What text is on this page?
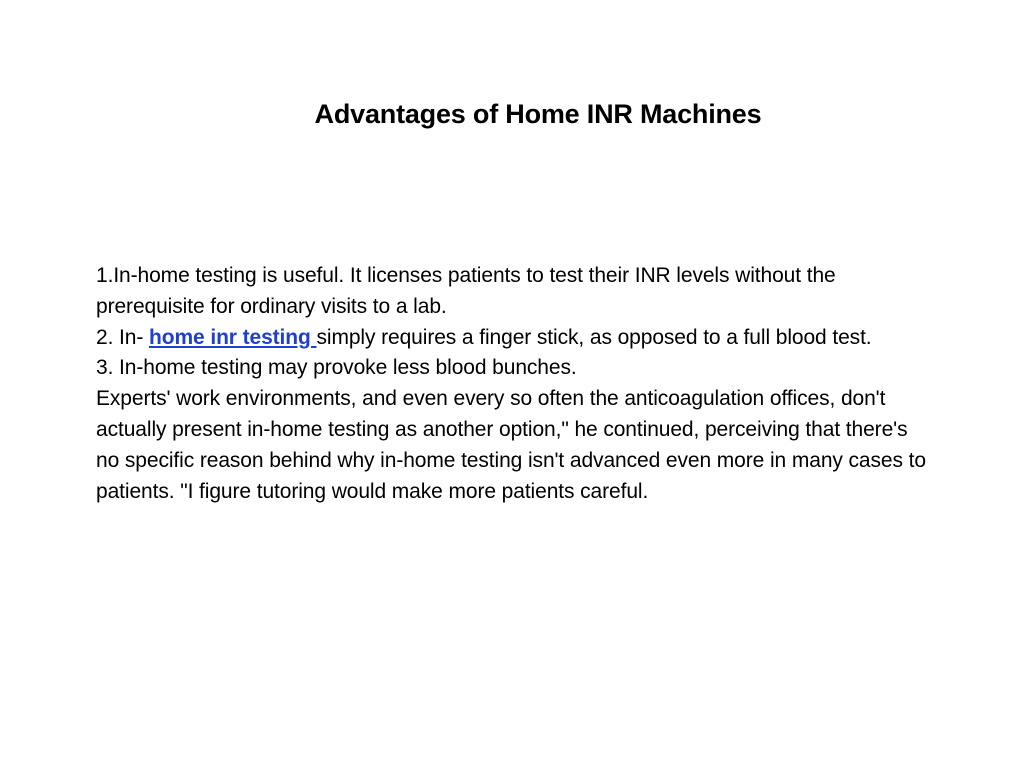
Advantages of Home INR Machines

1.In-home testing is useful. It licenses patients to test their INR levels without the prerequisite for ordinary visits to a lab.

2. In- home inr testing simply requires a finger stick, as opposed to a full blood test.

3. In-home testing may provoke less blood bunches.

Experts' work environments, and even every so often the anticoagulation offices, don't actually present in-home testing as another option," he continued, perceiving that there's no specific reason behind why in-home testing isn't advanced even more in many cases to patients. "I figure tutoring would make more patients careful.
